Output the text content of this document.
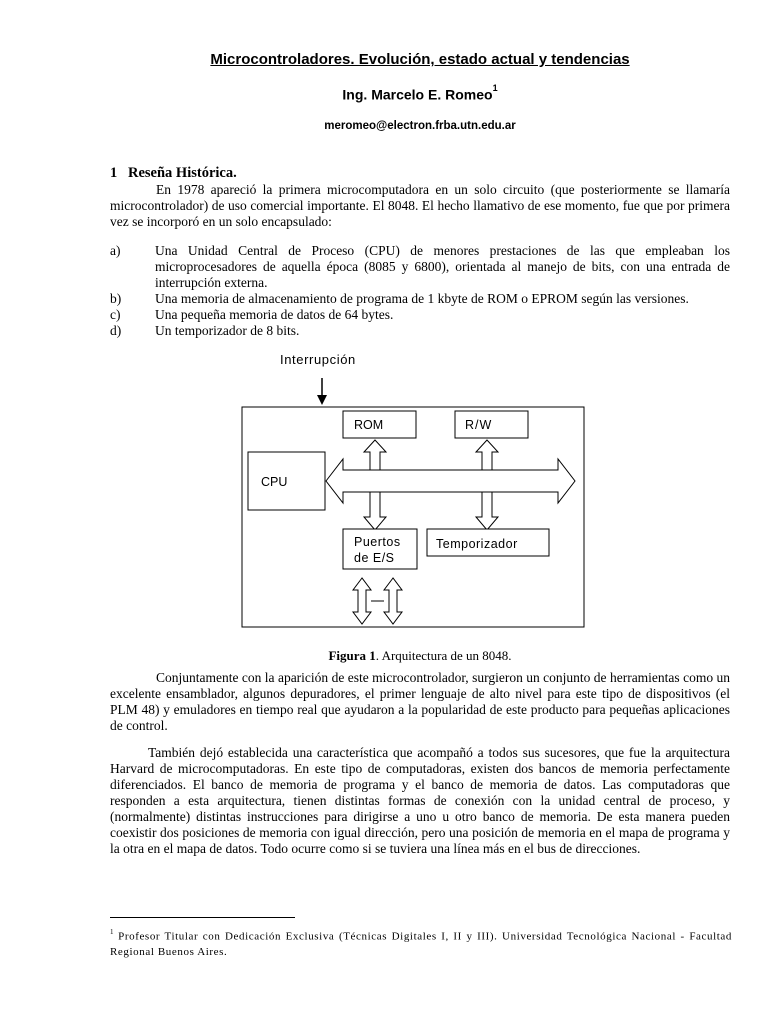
Microcontroladores. Evolución, estado actual y tendencias
Ing. Marcelo E. Romeo$^1$
meromeo@electron.frba.utn.edu.ar
1 Reseña Histórica.
En 1978 apareció la primera microcomputadora en un solo circuito (que posteriormente se llamaría microcontrolador) de uso comercial importante. El 8048. El hecho llamativo de ese momento, fue que por primera vez se incorporó en un solo encapsulado:
a)	Una Unidad Central de Proceso (CPU) de menores prestaciones de las que empleaban los microprocesadores de aquella época (8085 y 6800), orientada al manejo de bits, con una entrada de interrupción externa.
b)	Una memoria de almacenamiento de programa de 1 kbyte de ROM o EPROM según las versiones.
c)	Una pequeña memoria de datos de 64 bytes.
d)	Un temporizador de 8 bits.
Interrupción
ROM	R/W
CPU
Puertos
de E/S
Temporizador
Figura 1. Arquitectura de un 8048.
Conjuntamente con la aparición de este microcontrolador, surgieron un conjunto de herramientas como un excelente ensamblador, algunos depuradores, el primer lenguaje de alto nivel para este tipo de dispositivos (el PLM 48) y emuladores en tiempo real que ayudaron a la popularidad de este producto para pequeñas aplicaciones de control.
También dejó establecida una característica que acompañó a todos sus sucesores, que fue la arquitectura Harvard de microcomputadoras. En este tipo de computadoras, existen dos bancos de memoria perfectamente diferenciados. El banco de memoria de programa y el banco de memoria de datos. Las computadoras que responden a esta arquitectura, tienen distintas formas de conexión con la unidad central de proceso, y (normalmente) distintas instrucciones para dirigirse a uno u otro banco de memoria. De esta manera pueden coexistir dos posiciones de memoria con igual dirección, pero una posición de memoria en el mapa de programa y la otra en el mapa de datos. Todo ocurre como si se tuviera una línea más en el bus de direcciones.
$^1$ Profesor Titular con Dedicación Exclusiva (Técnicas Digitales I, II y III). Universidad Tecnológica Nacional - Facultad Regional Buenos Aires.
